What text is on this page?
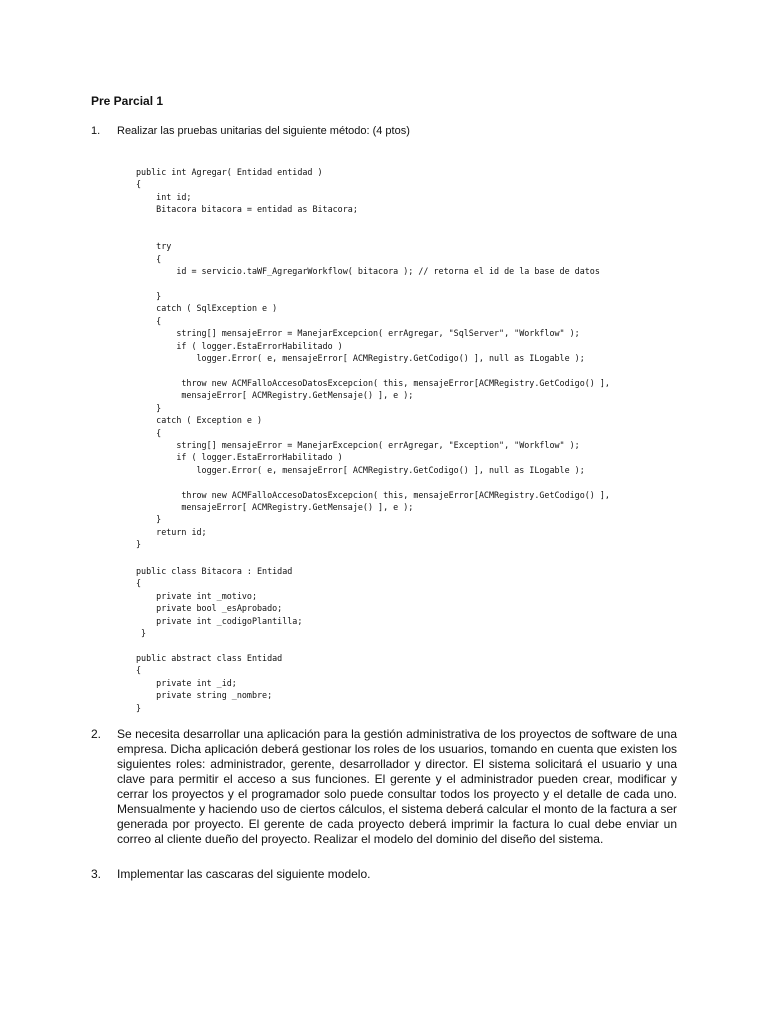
Pre Parcial 1
1. Realizar las pruebas unitarias del siguiente método: (4 ptos)
public int Agregar( Entidad entidad )
{
int id;
Bitacora bitacora = entidad as Bitacora;

try
{
id = servicio.taWF_AgregarWorkflow( bitacora ); // retorna el id de la base de datos

}
catch ( SqlException e )
{
string[] mensajeError = ManejarExcepcion( errAgregar, "SqlServer", "Workflow" );
if ( logger.EstaErrorHabilitado )
logger.Error( e, mensajeError[ ACMRegistry.GetCodigo() ], null as ILogable );

throw new ACMFalloAccesoDatosExcepcion( this, mensajeError[ACMRegistry.GetCodigo() ],
mensajeError[ ACMRegistry.GetMensaje() ], e );
}
catch ( Exception e )
{
string[] mensajeError = ManejarExcepcion( errAgregar, "Exception", "Workflow" );
if ( logger.EstaErrorHabilitado )
logger.Error( e, mensajeError[ ACMRegistry.GetCodigo() ], null as ILogable );

throw new ACMFalloAccesoDatosExcepcion( this, mensajeError[ACMRegistry.GetCodigo() ],
mensajeError[ ACMRegistry.GetMensaje() ], e );
}
return id;
}
public class Bitacora : Entidad
{
private int _motivo;
private bool _esAprobado;
private int _codigoPlantilla;
}
public abstract class Entidad
{
private int _id;
private string _nombre;
}
2. Se necesita desarrollar una aplicación para la gestión administrativa de los proyectos de software de una empresa. Dicha aplicación deberá gestionar los roles de los usuarios, tomando en cuenta que existen los siguientes roles: administrador, gerente, desarrollador y director. El sistema solicitará el usuario y una clave para permitir el acceso a sus funciones. El gerente y el administrador pueden crear, modificar y cerrar los proyectos y el programador solo puede consultar todos los proyecto y el detalle de cada uno. Mensualmente y haciendo uso de ciertos cálculos, el sistema deberá calcular el monto de la factura a ser generada por proyecto. El gerente de cada proyecto deberá imprimir la factura lo cual debe enviar un correo al cliente dueño del proyecto. Realizar el modelo del dominio del diseño del sistema.
3. Implementar las cascaras del siguiente modelo.
